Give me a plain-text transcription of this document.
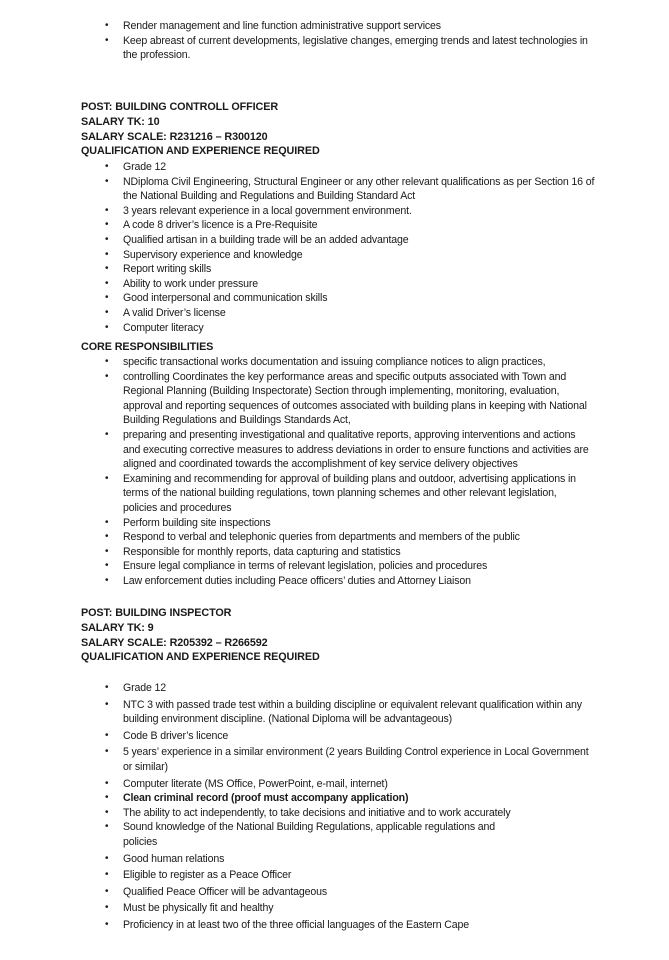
• Render management and line function administrative support services
• Keep abreast of current developments, legislative changes, emerging trends and latest technologies in the profession.

POST: BUILDING CONTROLL OFFICER

SALARY TK: 10

SALARY SCALE: R231216 – R300120

QUALIFICATION AND EXPERIENCE REQUIRED

• Grade 12
• NDiploma Civil Engineering, Structural Engineer or any other relevant qualifications as per Section 16 of the National Building and Regulations and Building Standard Act
• 3 years relevant experience in a local government environment.
• A code 8 driver’s licence is a Pre-Requisite
• Qualified artisan in a building trade will be an added advantage
• Supervisory experience and knowledge
• Report writing skills
• Ability to work under pressure
• Good interpersonal and communication skills
• A valid Driver’s license
• Computer literacy

CORE RESPONSIBILITIES

• specific transactional works documentation and issuing compliance notices to align practices,
• controlling Coordinates the key performance areas and specific outputs associated with Town and Regional Planning (Building Inspectorate) Section through implementing, monitoring, evaluation, approval and reporting sequences of outcomes associated with building plans in keeping with National Building Regulations and Buildings Standards Act,
• preparing and presenting investigational and qualitative reports, approving interventions and actions and executing corrective measures to address deviations in order to ensure functions and activities are aligned and coordinated towards the accomplishment of key service delivery objectives
• Examining and recommending for approval of building plans and outdoor, advertising applications in terms of the national building regulations, town planning schemes and other relevant legislation, policies and procedures
• Perform building site inspections
• Respond to verbal and telephonic queries from departments and members of the public
• Responsible for monthly reports, data capturing and statistics
• Ensure legal compliance in terms of relevant legislation, policies and procedures
• Law enforcement duties including Peace officers’ duties and Attorney Liaison

POST: BUILDING INSPECTOR

SALARY TK: 9

SALARY SCALE: R205392 – R266592

QUALIFICATION AND EXPERIENCE REQUIRED

• Grade 12
• NTC 3 with passed trade test within a building discipline or equivalent relevant qualification within any building environment discipline. (National Diploma will be advantageous)
• Code B driver’s licence
• 5 years’ experience in a similar environment (2 years Building Control experience in Local Government or similar)
• Computer literate (MS Office, PowerPoint, e-mail, internet)
• Clean criminal record (proof must accompany application)
• The ability to act independently, to take decisions and initiative and to work accurately
• Sound knowledge of the National Building Regulations, applicable regulations and policies
• Good human relations
• Eligible to register as a Peace Officer
• Qualified Peace Officer will be advantageous
• Must be physically fit and healthy
• Proficiency in at least two of the three official languages of the Eastern Cape
